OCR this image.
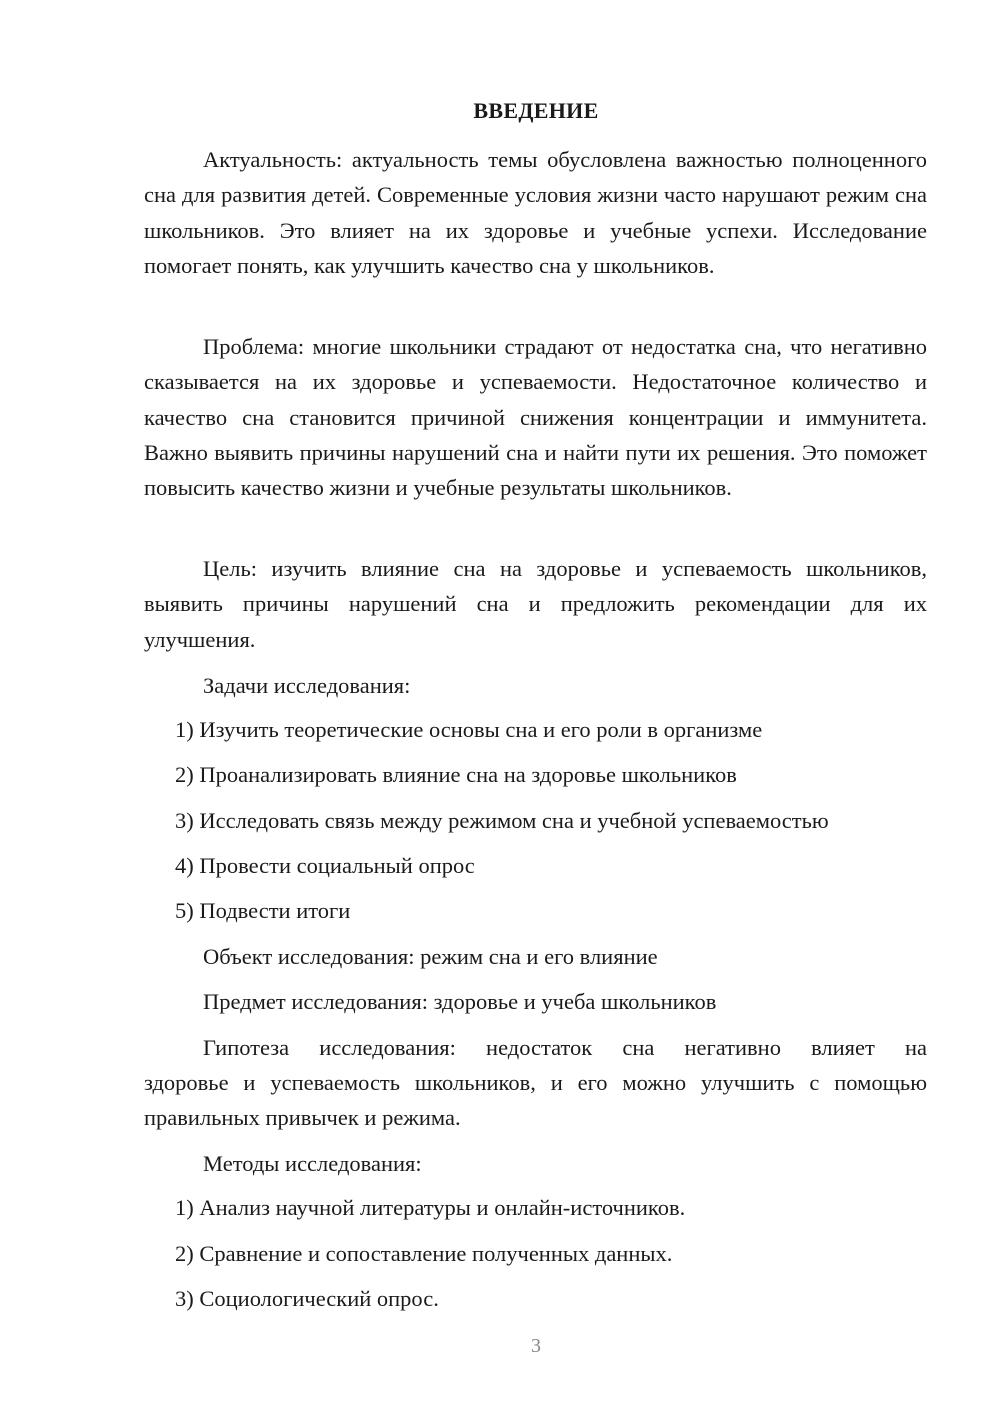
ВВЕДЕНИЕ

Актуальность: актуальность темы обусловлена важностью полноценного сна для развития детей. Современные условия жизни часто нарушают режим сна школьников. Это влияет на их здоровье и учебные успехи. Исследование помогает понять, как улучшить качество сна у школьников.

Проблема: многие школьники страдают от недостатка сна, что негативно сказывается на их здоровье и успеваемости. Недостаточное количество и качество сна становится причиной снижения концентрации и иммунитета. Важно выявить причины нарушений сна и найти пути их решения. Это поможет повысить качество жизни и учебные результаты школьников.

Цель: изучить влияние сна на здоровье и успеваемость школьников, выявить причины нарушений сна и предложить рекомендации для их улучшения.

Задачи исследования:
1) Изучить теоретические основы сна и его роли в организме
2) Проанализировать влияние сна на здоровье школьников
3) Исследовать связь между режимом сна и учебной успеваемостью
4) Провести социальный опрос
5) Подвести итоги
Объект исследования: режим сна и его влияние
Предмет исследования: здоровье и учеба школьников
Гипотеза исследования: недостаток сна негативно влияет на

здоровье и успеваемость школьников, и его можно улучшить с помощью правильных привычек и режима.

Методы исследования:
1) Анализ научной литературы и онлайн-источников.
2) Сравнение и сопоставление полученных данных.
3) Социологический опрос.
3
